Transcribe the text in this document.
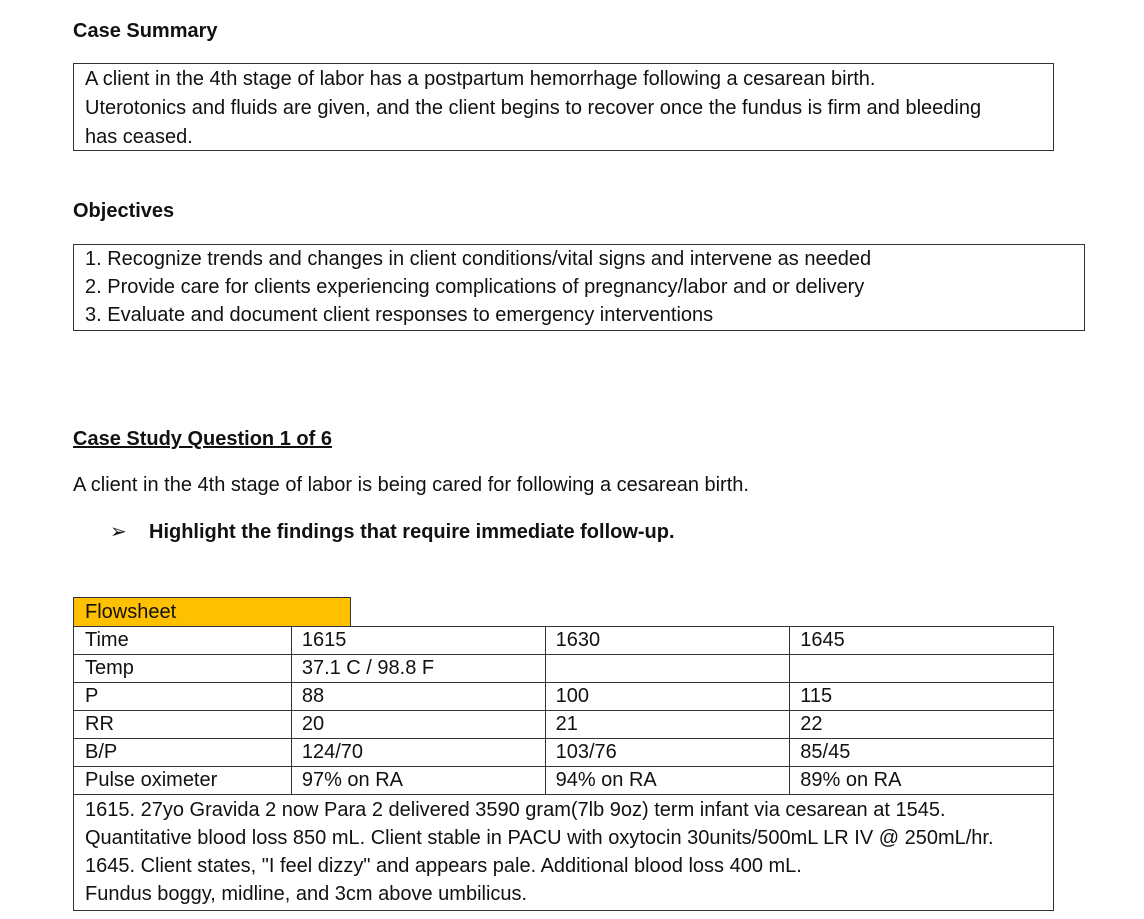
Case Summary
A client in the 4th stage of labor has a postpartum hemorrhage following a cesarean birth.
Uterotonics and fluids are given, and the client begins to recover once the fundus is firm and bleeding
has ceased.
Objectives
1. Recognize trends and changes in client conditions/vital signs and intervene as needed
2. Provide care for clients experiencing complications of pregnancy/labor and or delivery
3. Evaluate and document client responses to emergency interventions
Case Study Question 1 of 6
A client in the 4th stage of labor is being cared for following a cesarean birth.
➢ Highlight the findings that require immediate follow-up.
Flowsheet
Time	1615	1630	1645
Temp	37.1 C / 98.8 F		
P	88	100	115
RR	20	21	22
B/P	124/70	103/76	85/45
Pulse oximeter	97% on RA	94% on RA	89% on RA

1615. 27yo Gravida 2 now Para 2 delivered 3590 gram(7lb 9oz) term infant via cesarean at 1545.
Quantitative blood loss 850 mL. Client stable in PACU with oxytocin 30units/500mL LR IV @ 250mL/hr.
1645. Client states, "I feel dizzy" and appears pale. Additional blood loss 400 mL.
Fundus boggy, midline, and 3cm above umbilicus.			
